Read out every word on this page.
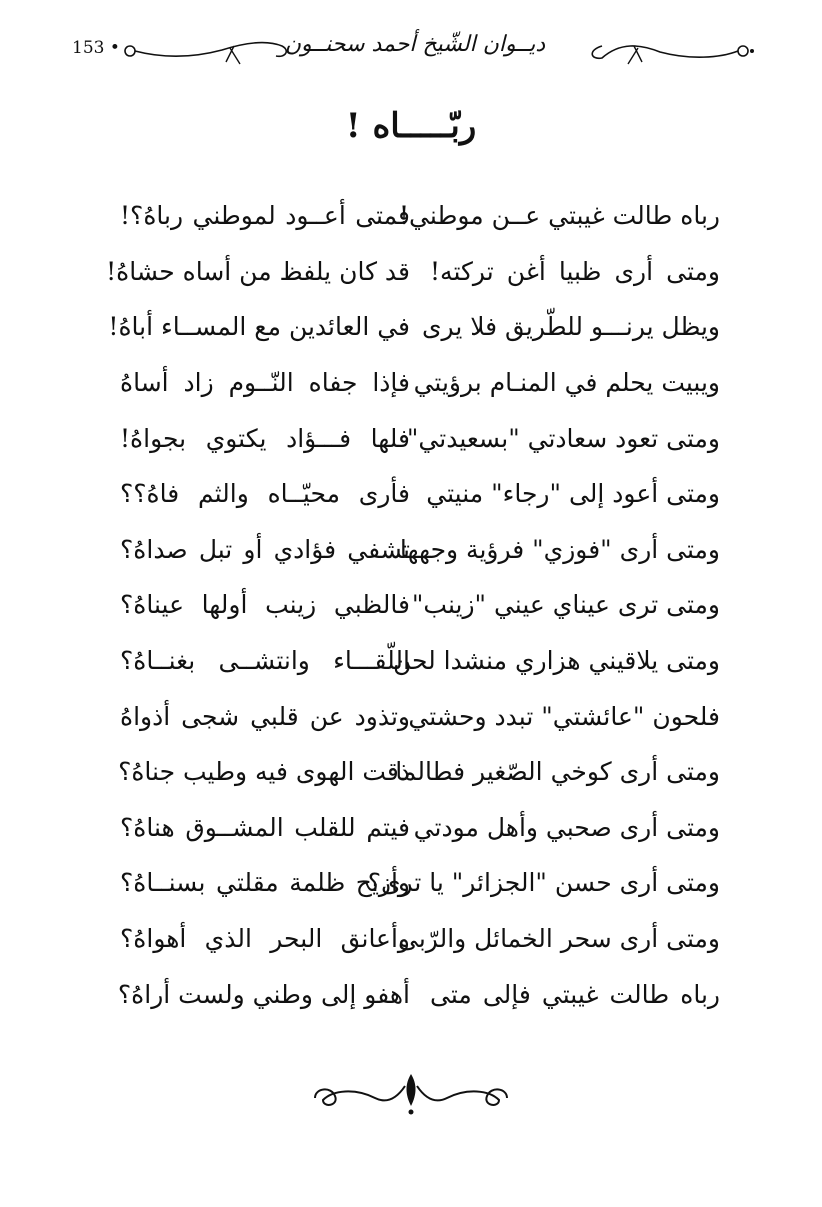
153 •	ديــوان الشّيخ أحمد سحنــون
ربّـــــاه !
رباه طالت غيبتي عــن موطني!
فمتى أعــود لموطني رباهُ؟!
ومتى أرى ظبيا أغن تركته!
قد كان يلفظ من أساه حشاهُ!
ويظل يرنـــو للطّريق فلا يرى
في العائدين مع المســاء أباهُ!
ويبيت يحلم في المنـام برؤيتي
فإذا جفاه النّــوم زاد أساهُ
ومتى تعود سعادتي "بسعيدتي"
فلها فـــؤاد يكتوي بجواهُ!
ومتى أعود إلى "رجاء" منيتي
فأرى محيّــاه والثم فاهُ؟؟
ومتى أرى "فوزي" فرؤية وجهها
تشفي فؤادي أو تبل صداهُ؟
ومتى ترى عيناي عيني "زينب"
فالظبي زينب أولها عيناهُ؟
ومتى يلاقيني هزاري منشدا لحن
اللّقـــاء وانتشــى بغنــاهُ؟
فلحون "عائشتي" تبدد وحشتي
وتذود عن قلبي شجى أذواهُ
ومتى أرى كوخي الصّغير فطالما
ذقت الهوى فيه وطيب جناهُ؟
ومتى أرى صحبي وأهل مودتي
فيتم للقلب المشــوق هناهُ؟
ومتى أرى حسن "الجزائر" يا ترى؟
وأزيح ظلمة مقلتي بسنــاهُ؟
ومتى أرى سحر الخمائل والرّبى
وأعانق البحر الذي أهواهُ؟
رباه طالت غيبتي فإلى متى
أهفو إلى وطني ولست أراهُ؟
